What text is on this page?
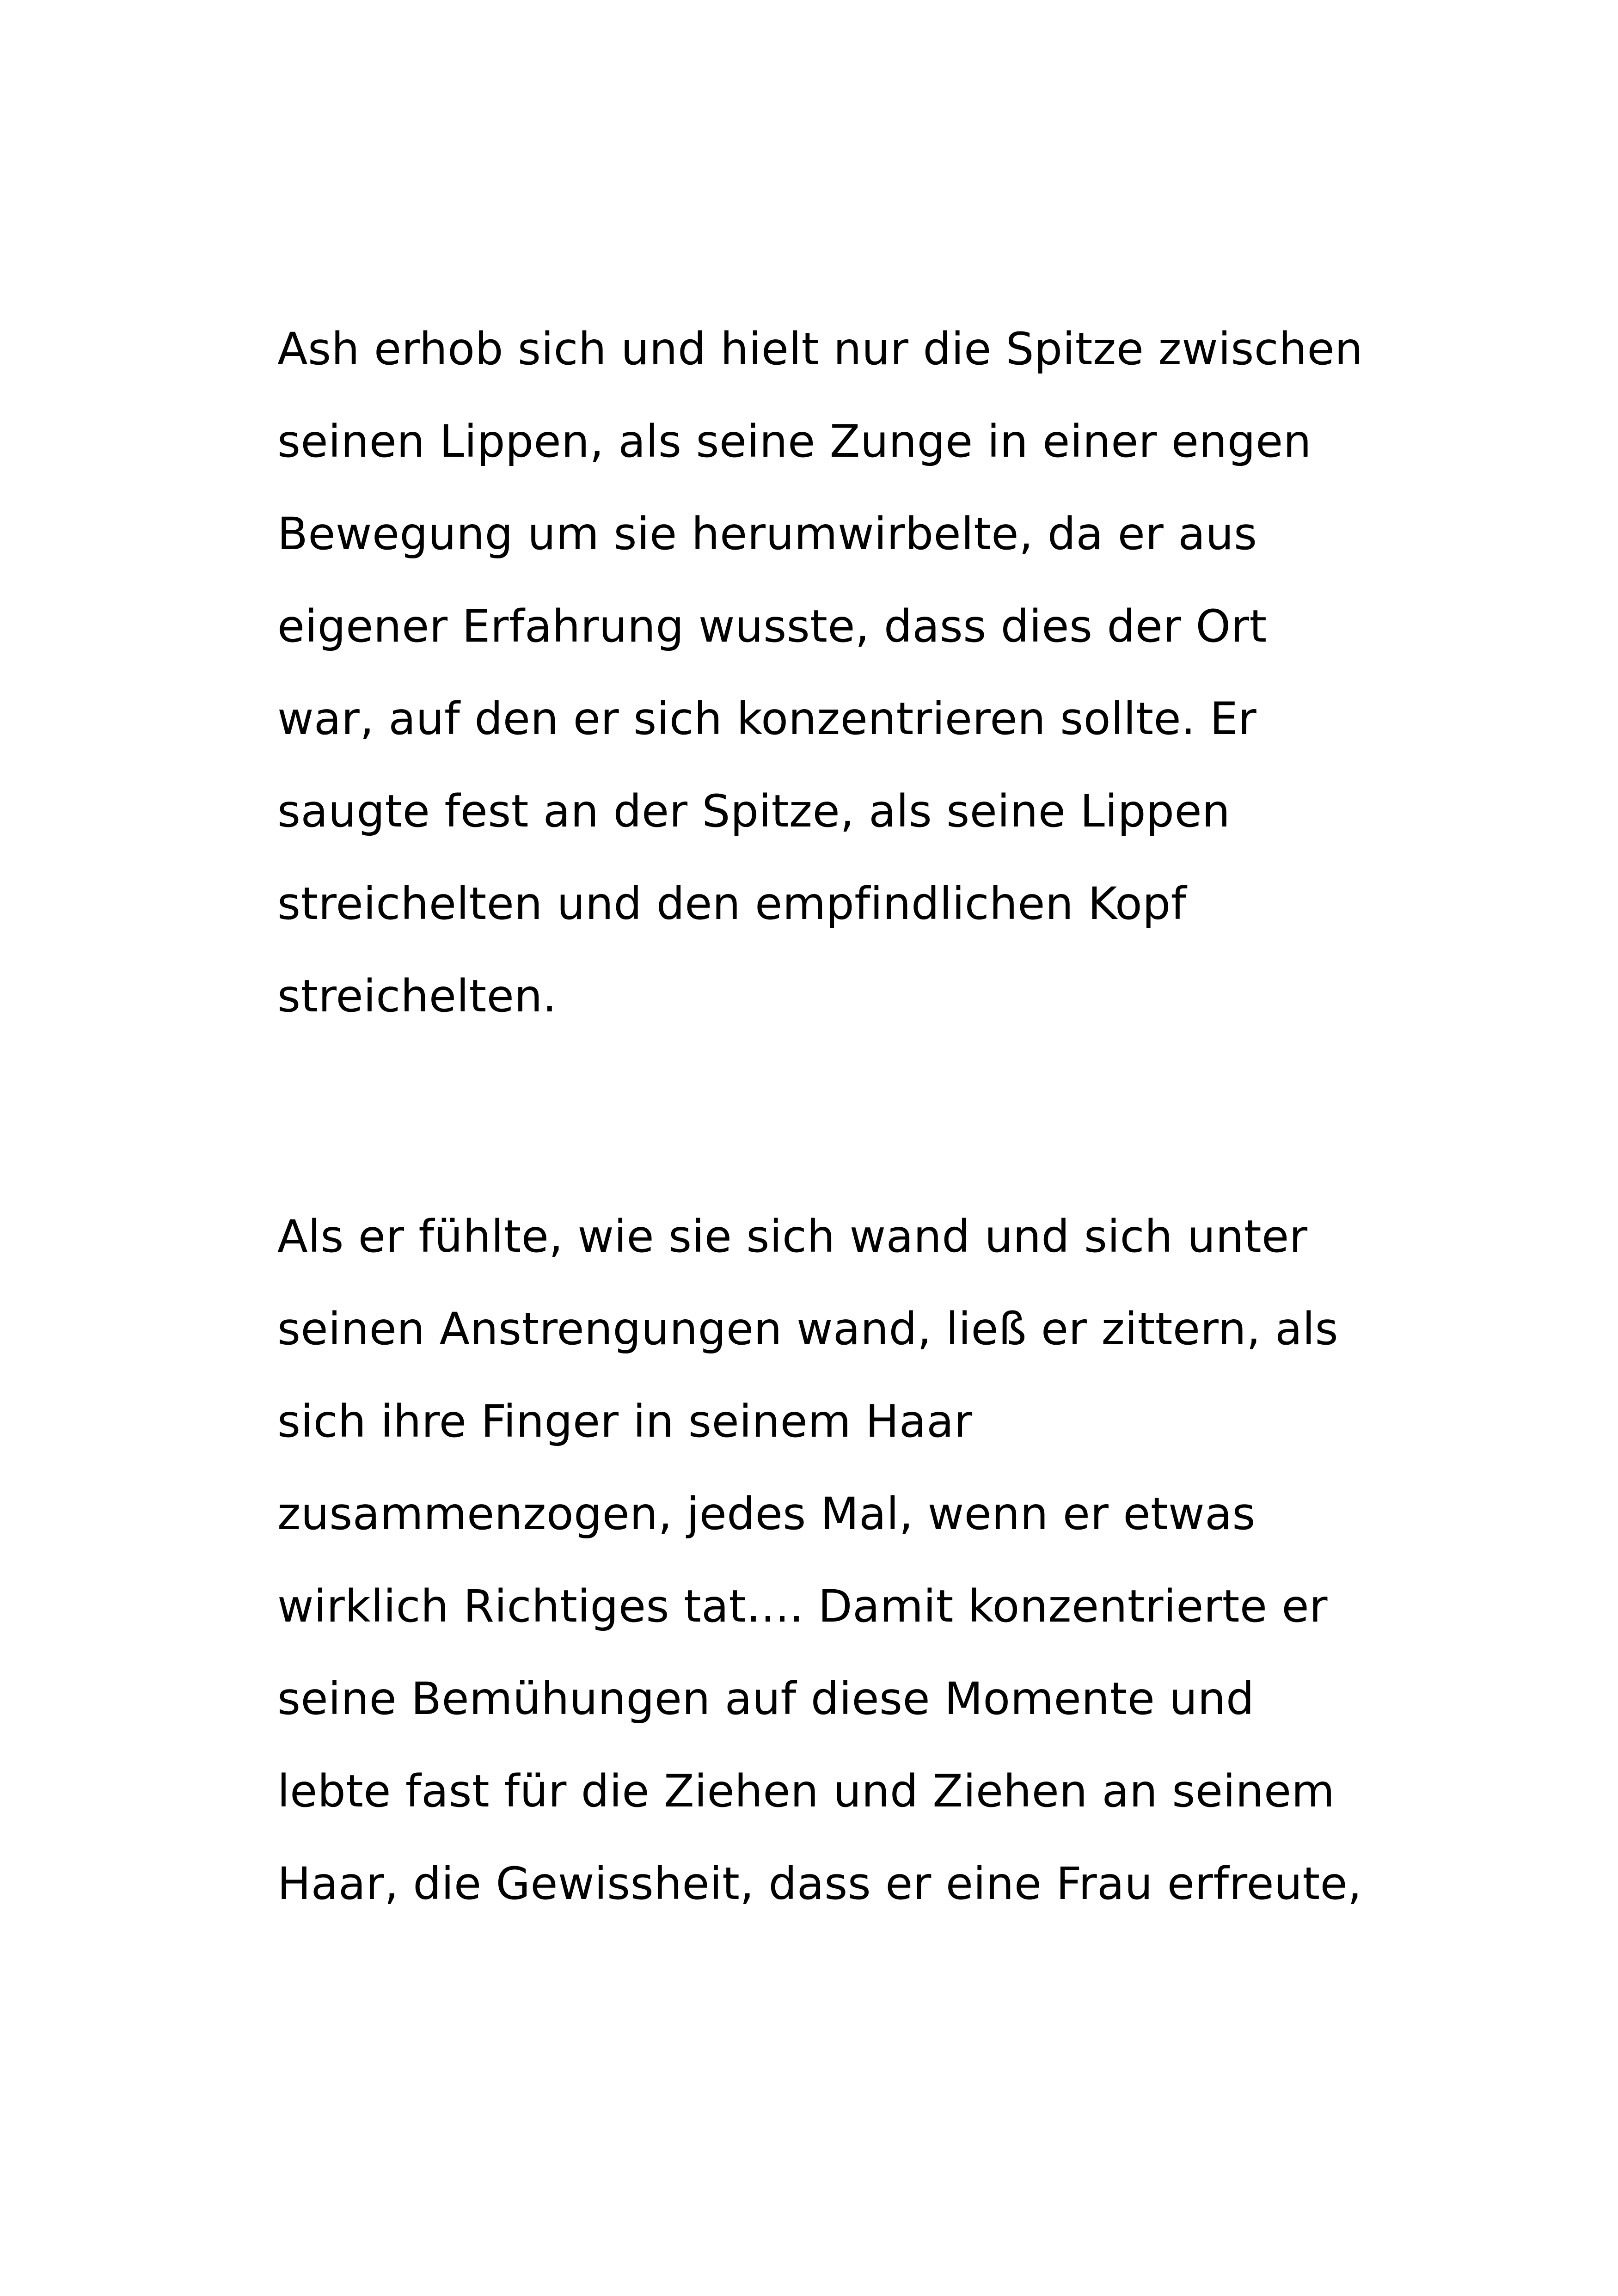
Ash erhob sich und hielt nur die Spitze zwischen
seinen Lippen, als seine Zunge in einer engen
Bewegung um sie herumwirbelte, da er aus
eigener Erfahrung wusste, dass dies der Ort
war, auf den er sich konzentrieren sollte. Er
saugte fest an der Spitze, als seine Lippen
streichelten und den empfindlichen Kopf
streichelten.
Als er fühlte, wie sie sich wand und sich unter
seinen Anstrengungen wand, ließ er zittern, als
sich ihre Finger in seinem Haar
zusammenzogen, jedes Mal, wenn er etwas
wirklich Richtiges tat.... Damit konzentrierte er
seine Bemühungen auf diese Momente und
lebte fast für die Ziehen und Ziehen an seinem
Haar, die Gewissheit, dass er eine Frau erfreute,
